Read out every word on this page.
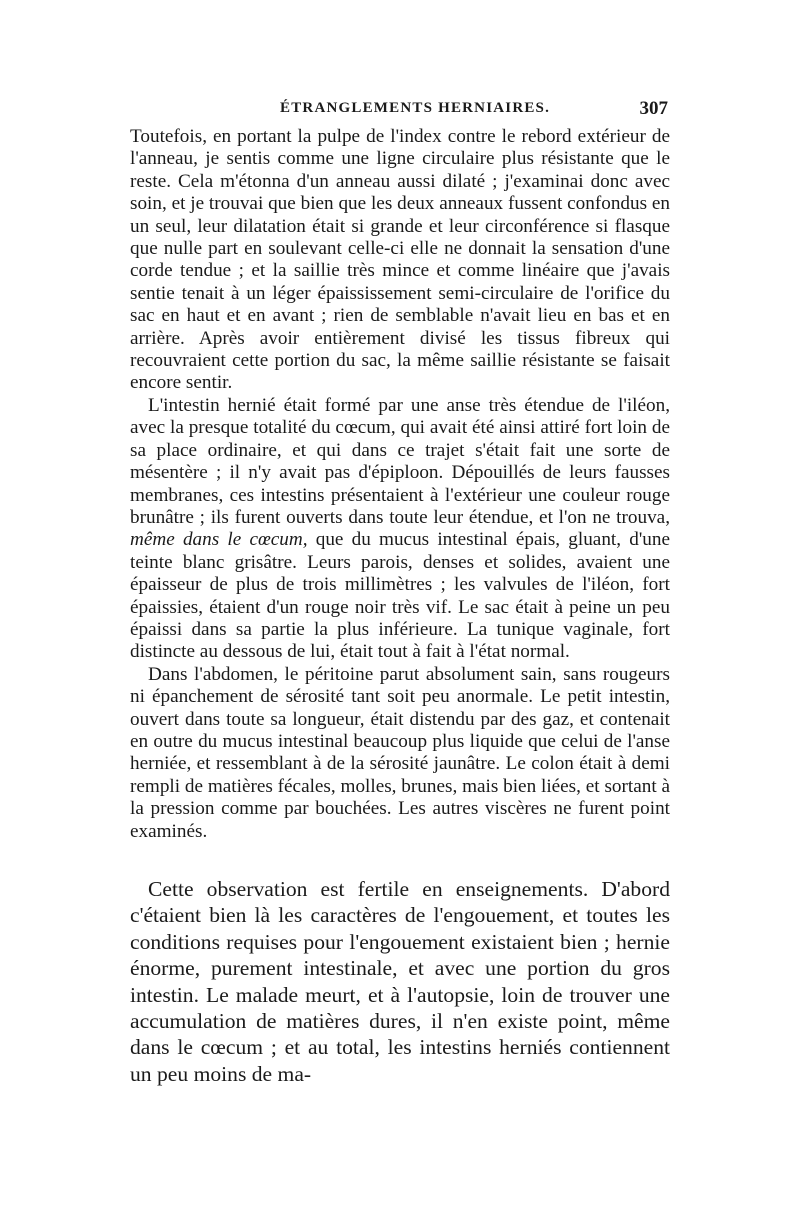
ÉTRANGLEMENTS HERNIAIRES.	307

Toutefois, en portant la pulpe de l'index contre le rebord extérieur de l'anneau, je sentis comme une ligne circulaire plus résistante que le reste. Cela m'étonna d'un anneau aussi dilaté ; j'examinai donc avec soin, et je trouvai que bien que les deux anneaux fussent confondus en un seul, leur dilatation était si grande et leur circonférence si flasque que nulle part en soulevant celle-ci elle ne donnait la sensation d'une corde tendue ; et la saillie très mince et comme linéaire que j'avais sentie tenait à un léger épaississement semi-circulaire de l'orifice du sac en haut et en avant ; rien de semblable n'avait lieu en bas et en arrière. Après avoir entièrement divisé les tissus fibreux qui recouvraient cette portion du sac, la même saillie résistante se faisait encore sentir.

L'intestin hernié était formé par une anse très étendue de l'iléon, avec la presque totalité du cœcum, qui avait été ainsi attiré fort loin de sa place ordinaire, et qui dans ce trajet s'était fait une sorte de mésentère ; il n'y avait pas d'épiploon. Dépouillés de leurs fausses membranes, ces intestins présentaient à l'extérieur une couleur rouge brunâtre ; ils furent ouverts dans toute leur étendue, et l'on ne trouva, même dans le cœcum, que du mucus intestinal épais, gluant, d'une teinte blanc grisâtre. Leurs parois, denses et solides, avaient une épaisseur de plus de trois millimètres ; les valvules de l'iléon, fort épaissies, étaient d'un rouge noir très vif. Le sac était à peine un peu épaissi dans sa partie la plus inférieure. La tunique vaginale, fort distincte au dessous de lui, était tout à fait à l'état normal.

Dans l'abdomen, le péritoine parut absolument sain, sans rougeurs ni épanchement de sérosité tant soit peu anormale. Le petit intestin, ouvert dans toute sa longueur, était distendu par des gaz, et contenait en outre du mucus intestinal beaucoup plus liquide que celui de l'anse herniée, et ressemblant à de la sérosité jaunâtre. Le colon était à demi rempli de matières fécales, molles, brunes, mais bien liées, et sortant à la pression comme par bouchées. Les autres viscères ne furent point examinés.

Cette observation est fertile en enseignements. D'abord c'étaient bien là les caractères de l'engouement, et toutes les conditions requises pour l'engouement existaient bien ; hernie énorme, purement intestinale, et avec une portion du gros intestin. Le malade meurt, et à l'autopsie, loin de trouver une accumulation de matières dures, il n'en existe point, même dans le cœcum ; et au total, les intestins herniés contiennent un peu moins de ma-
